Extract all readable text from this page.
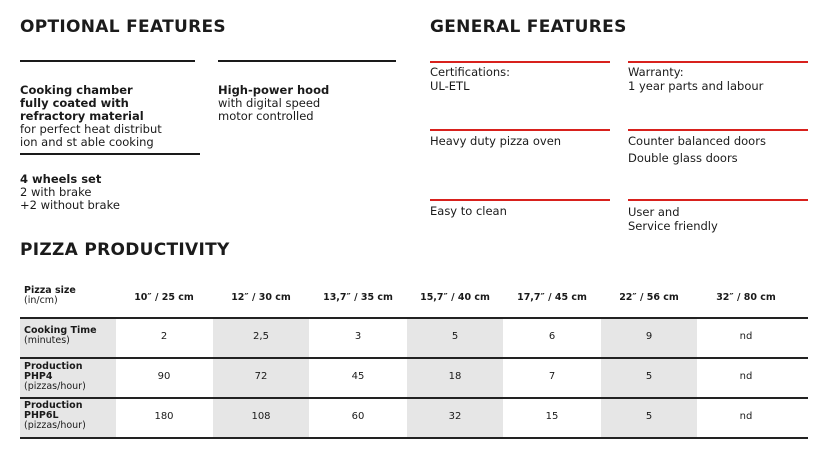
OPTIONAL FEATURES

Cooking chamber
fully coated with
refractory material

for perfect heat distribut
ion and st able cooking

High-power hood

with digital speed
motor controlled

4 wheels set

2 with brake
+2 without brake

GENERAL FEATURES
Certifications:
UL-ETL
Warranty:
1 year parts and labour
Heavy duty pizza oven	Counter balanced doors
Double glass doors
Easy to clean	User and
Service friendly
PIZZA PRODUCTIVITY
Pizza size
(in/cm)	10″ / 25 cm	12″ / 30 cm	13,7″ / 35 cm	15,7″ / 40 cm	17,7″ / 45 cm	22″ / 56 cm	32″ / 80 cm
Cooking Time
(minutes)	2	2,5	3	5	6	9	nd
Production
PHP4
(pizzas/hour)
90	72	45	18	7	5	nd
Production
PHP6L
(pizzas/hour)
180	108	60	32	15	5	nd
